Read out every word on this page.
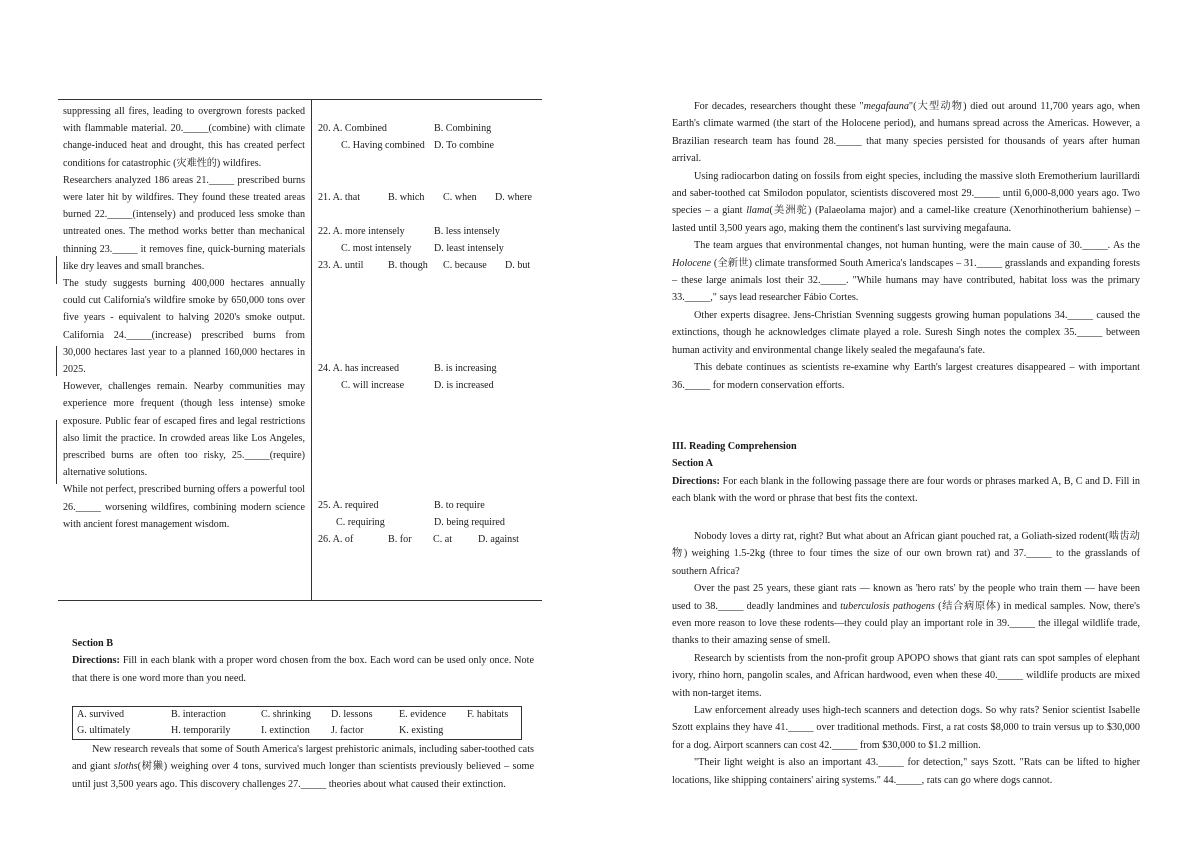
suppressing all fires, leading to overgrown forests packed with flammable material. 20._____(combine) with climate change-induced heat and drought, this has created perfect conditions for catastrophic (灾难性的) wildfires.

Researchers analyzed 186 areas 21._____ prescribed burns were later hit by wildfires. They found these treated areas burned 22._____(intensely) and produced less smoke than untreated ones. The method works better than mechanical thinning 23._____ it removes fine, quick-burning materials like dry leaves and small branches.

The study suggests burning 400,000 hectares annually could cut California's wildfire smoke by 650,000 tons over five years - equivalent to halving 2020's smoke output. California 24._____(increase) prescribed burns from 30,000 hectares last year to a planned 160,000 hectares in 2025.

However, challenges remain. Nearby communities may experience more frequent (though less intense) smoke exposure. Public fear of escaped fires and legal restrictions also limit the practice. In crowded areas like Los Angeles, prescribed burns are often too risky, 25._____(require) alternative solutions.

While not perfect, prescribed burning offers a powerful tool 26._____ worsening wildfires, combining modern science with ancient forest management wisdom.

20. A. Combined	B. Combining
C. Having combined D. To combine
21. A. that	B. which	C. when	D. where
22. A. more intensely	B. less intensely
C. most intensely	D. least intensely
23. A. until	B. though	C. because	D. but
24. A. has increased	B. is increasing
C. will increase	D. is increased
25. A. required	B. to require
C. requiring	D. being required
26. A. of	B. for	C. at	D. against
Section B
Directions: Fill in each blank with a proper word chosen from the box. Each word can be used only once. Note that there is one word more than you need.
A. survived	B. interaction	C. shrinking	D. lessons	E. evidence	F. habitats
G. ultimately	H. temporarily	I. extinction	J. factor	K. existing

New research reveals that some of South America's largest prehistoric animals, including saber-toothed cats and giant sloths(树獭) weighing over 4 tons, survived much longer than scientists previously believed – some until just 3,500 years ago. This discovery challenges 27._____ theories about what caused their extinction.

For decades, researchers thought these "megafauna"(大型动物) died out around 11,700 years ago, when Earth's climate warmed (the start of the Holocene period), and humans spread across the Americas. However, a Brazilian research team has found 28._____ that many species persisted for thousands of years after human arrival.

Using radiocarbon dating on fossils from eight species, including the massive sloth Eremotherium laurillardi and saber-toothed cat Smilodon populator, scientists discovered most 29._____ until 6,000-8,000 years ago. Two species – a giant llama(美洲驼) (Palaeolama major) and a camel-like creature (Xenorhinotherium bahiense) – lasted until 3,500 years ago, making them the continent's last surviving megafauna.

The team argues that environmental changes, not human hunting, were the main cause of 30._____. As the Holocene (全新世) climate transformed South America's landscapes – 31._____ grasslands and expanding forests – these large animals lost their 32._____. "While humans may have contributed, habitat loss was the primary 33._____," says lead researcher Fábio Cortes.

Other experts disagree. Jens-Christian Svenning suggests growing human populations 34._____ caused the extinctions, though he acknowledges climate played a role. Suresh Singh notes the complex 35._____ between human activity and environmental change likely sealed the megafauna's fate.

This debate continues as scientists re-examine why Earth's largest creatures disappeared – with important 36._____ for modern conservation efforts.

III. Reading Comprehension

Section A

Directions: For each blank in the following passage there are four words or phrases marked A, B, C and D. Fill in each blank with the word or phrase that best fits the context.

Nobody loves a dirty rat, right? But what about an African giant pouched rat, a Goliath-sized rodent(啮齿动物) weighing 1.5-2kg (three to four times the size of our own brown rat) and 37._____ to the grasslands of southern Africa?

Over the past 25 years, these giant rats — known as 'hero rats' by the people who train them — have been used to 38._____ deadly landmines and tuberculosis pathogens (结合病原体) in medical samples. Now, there's even more reason to love these rodents—they could play an important role in 39._____ the illegal wildlife trade, thanks to their amazing sense of smell.

Research by scientists from the non-profit group APOPO shows that giant rats can spot samples of elephant ivory, rhino horn, pangolin scales, and African hardwood, even when these 40._____ wildlife products are mixed with non-target items.

Law enforcement already uses high-tech scanners and detection dogs. So why rats? Senior scientist Isabelle Szott explains they have 41._____ over traditional methods. First, a rat costs $8,000 to train versus up to $30,000 for a dog. Airport scanners can cost 42._____ from $30,000 to $1.2 million.

"Their light weight is also an important 43._____ for detection," says Szott. "Rats can be lifted to higher locations, like shipping containers' airing systems." 44._____, rats can go where dogs cannot.
